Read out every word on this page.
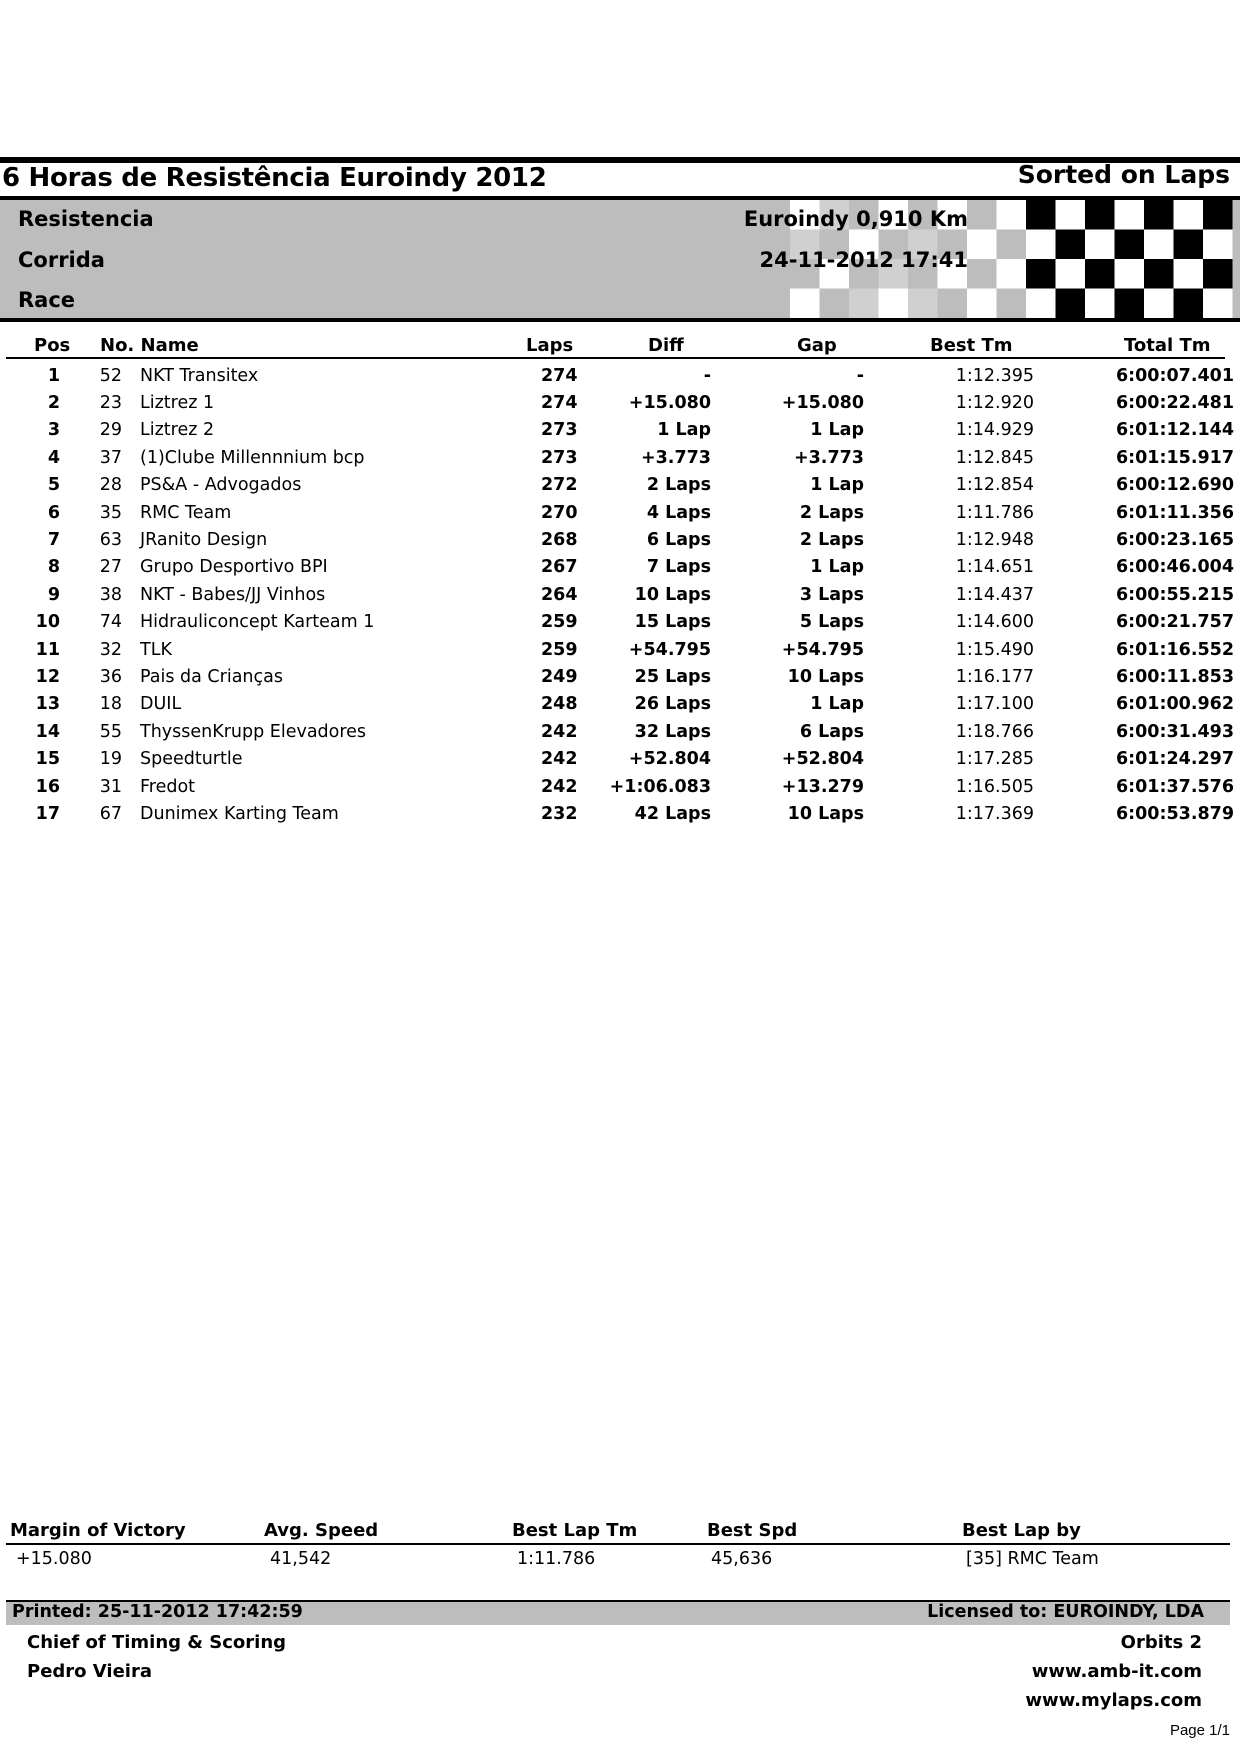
6 Horas de Resistência Euroindy 2012	Sorted on Laps
Resistencia
Corrida
Race
Euroindy 0,910 Km
24-11-2012 17:41
Pos No. Name	Laps	Diff	Gap	Best Tm	Total Tm
1	52	NKT Transitex	274	-	-	1:12.395	6:00:07.401
2	23	Liztrez 1	274	+15.080	+15.080	1:12.920	6:00:22.481
3	29	Liztrez 2	273	1 Lap	1 Lap	1:14.929	6:01:12.144
4	37	(1)Clube Millennnium bcp	273	+3.773	+3.773	1:12.845	6:01:15.917
5	28	PS&A - Advogados	272	2 Laps	1 Lap	1:12.854	6:00:12.690
6	35	RMC Team	270	4 Laps	2 Laps	1:11.786	6:01:11.356
7	63	JRanito Design	268	6 Laps	2 Laps	1:12.948	6:00:23.165
8	27	Grupo Desportivo BPI	267	7 Laps	1 Lap	1:14.651	6:00:46.004
9	38	NKT - Babes/JJ Vinhos	264	10 Laps	3 Laps	1:14.437	6:00:55.215
10	74	Hidrauliconcept Karteam 1	259	15 Laps	5 Laps	1:14.600	6:00:21.757
11	32	TLK	259	+54.795	+54.795	1:15.490	6:01:16.552
12	36	Pais da Crianças	249	25 Laps	10 Laps	1:16.177	6:00:11.853
13	18	DUIL	248	26 Laps	1 Lap	1:17.100	6:01:00.962
14	55	ThyssenKrupp Elevadores	242	32 Laps	6 Laps	1:18.766	6:00:31.493
15	19	Speedturtle	242	+52.804	+52.804	1:17.285	6:01:24.297
16	31	Fredot	242	+1:06.083	+13.279	1:16.505	6:01:37.576
17	67	Dunimex Karting Team	232	42 Laps	10 Laps	1:17.369	6:00:53.879
Margin of Victory	Avg. Speed	Best Lap Tm	Best Spd	Best Lap by
+15.080	41,542	1:11.786	45,636	[35] RMC Team
Printed: 25-11-2012 17:42:59	Licensed to: EUROINDY, LDA
Chief of Timing & Scoring
Pedro Vieira
Orbits 2
www.amb-it.com
www.mylaps.com
Page 1/1
